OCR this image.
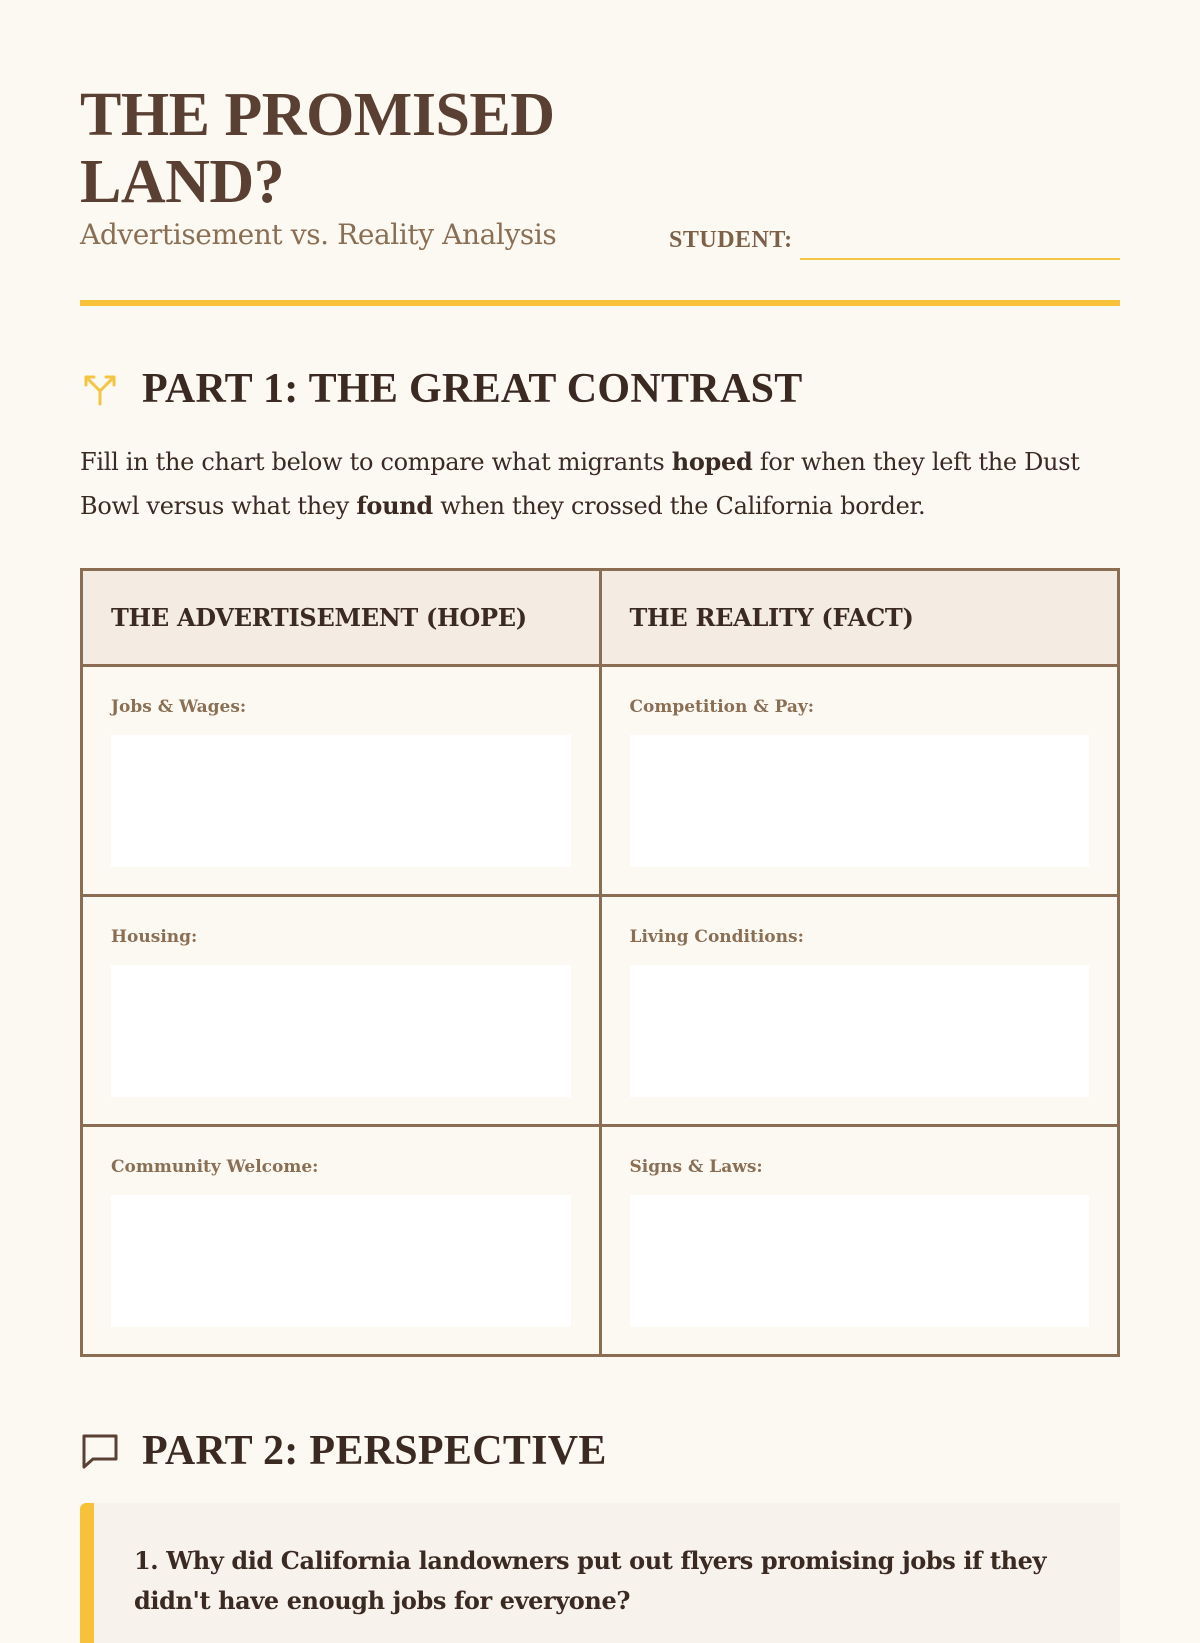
THE PROMISED
LAND?
Advertisement vs. Reality Analysis	STUDENT:
PART 1: THE GREAT CONTRAST

Fill in the chart below to compare what migrants hoped for when they left the Dust Bowl versus what they found when they crossed the California border.

THE ADVERTISEMENT (HOPE)	THE REALITY (FACT)

Jobs & Wages:	Competition & Pay:

Housing:	Living Conditions:

Community Welcome:	Signs & Laws:
PART 2: PERSPECTIVE
1. Why did California landowners put out flyers promising jobs if they didn't have enough jobs for everyone?
